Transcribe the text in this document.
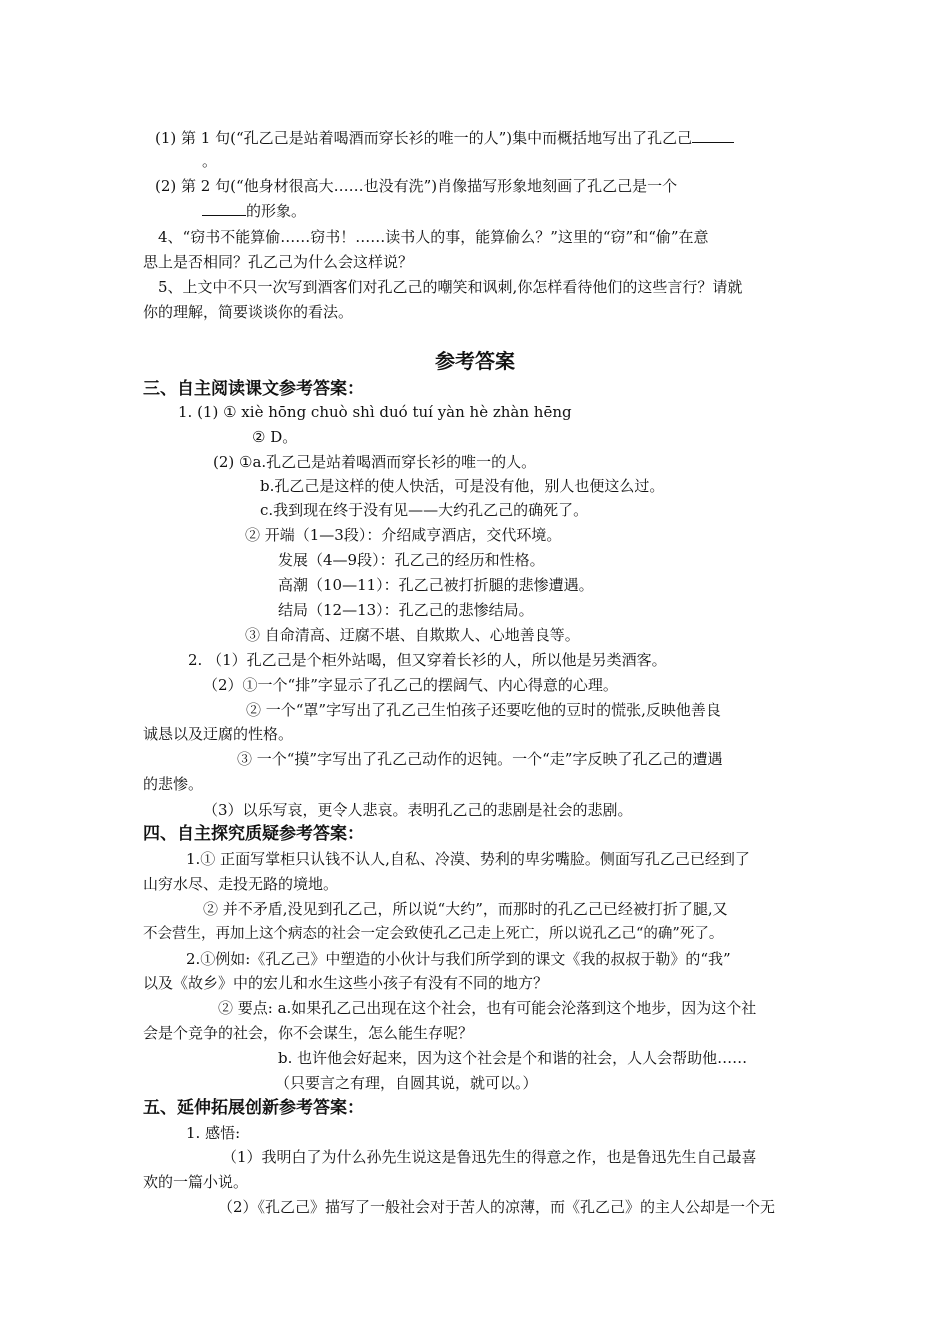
(1) 第 1 句(“孔乙己是站着喝酒而穿长衫的唯一的人”)集中而概括地写出了孔乙己
。
(2) 第 2 句(“他身材很高大……也没有洗”)肖像描写形象地刻画了孔乙己是一个
的形象。
4、“窃书不能算偷……窃书！……读书人的事，能算偷么？”这里的“窃”和“偷”在意
思上是否相同？孔乙己为什么会这样说？
5、上文中不只一次写到酒客们对孔乙己的嘲笑和讽刺,你怎样看待他们的这些言行？请就
你的理解，简要谈谈你的看法。
参考答案
三、自主阅读课文参考答案：
1. (1) ① xiè hōng chuò shì duó tuí yàn hè zhàn hēng
② D。
(2) ①a.孔乙己是站着喝酒而穿长衫的唯一的人。
b.孔乙己是这样的使人快活，可是没有他，别人也便这么过。
c.我到现在终于没有见——大约孔乙己的确死了。
② 开端（1—3段）：介绍咸亨酒店，交代环境。
发展（4—9段）：孔乙己的经历和性格。
高潮（10—11）：孔乙己被打折腿的悲惨遭遇。
结局（12—13）：孔乙己的悲惨结局。
③ 自命清高、迂腐不堪、自欺欺人、心地善良等。
2. （1）孔乙己是个柜外站喝，但又穿着长衫的人，所以他是另类酒客。
（2）①一个“排”字显示了孔乙己的摆阔气、内心得意的心理。
② 一个“罩”字写出了孔乙己生怕孩子还要吃他的豆时的慌张,反映他善良
诚恳以及迂腐的性格。
③ 一个“摸”字写出了孔乙己动作的迟钝。一个“走”字反映了孔乙己的遭遇
的悲惨。
（3）以乐写哀，更令人悲哀。表明孔乙己的悲剧是社会的悲剧。
四、自主探究质疑参考答案：
1.① 正面写掌柜只认钱不认人,自私、冷漠、势利的卑劣嘴脸。侧面写孔乙己已经到了
山穷水尽、走投无路的境地。
② 并不矛盾,没见到孔乙己，所以说“大约”，而那时的孔乙己已经被打折了腿,又
不会营生，再加上这个病态的社会一定会致使孔乙己走上死亡，所以说孔乙己“的确”死了。
2.①例如:《孔乙己》中塑造的小伙计与我们所学到的课文《我的叔叔于勒》的“我”
以及《故乡》中的宏儿和水生这些小孩子有没有不同的地方？
② 要点: a.如果孔乙己出现在这个社会，也有可能会沦落到这个地步，因为这个社
会是个竞争的社会，你不会谋生，怎么能生存呢？
b. 也许他会好起来，因为这个社会是个和谐的社会，人人会帮助他……
（只要言之有理，自圆其说，就可以。）
五、延伸拓展创新参考答案：
1. 感悟:
（1）我明白了为什么孙先生说这是鲁迅先生的得意之作，也是鲁迅先生自己最喜
欢的一篇小说。
（2）《孔乙己》描写了一般社会对于苦人的凉薄，而《孔乙己》的主人公却是一个无
